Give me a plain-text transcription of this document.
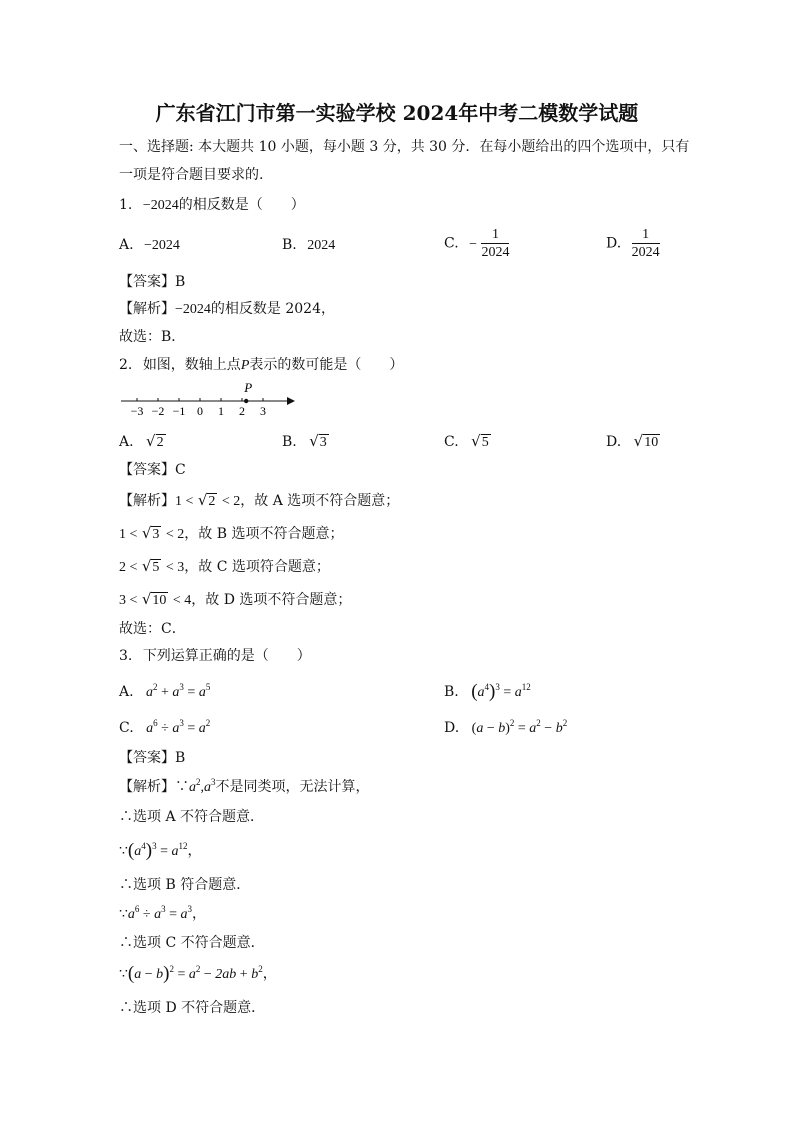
广东省江门市第一实验学校 2024年中考二模数学试题
一、选择题: 本大题共 10 小题，每小题 3 分，共 30 分．在每小题给出的四个选项中，只有
一项是符合题目要求的.
1. −2024的相反数是（　　）
A. −2024	B. 2024	C. − $\frac{1}{2024}$	D. $\frac{1}{2024}$
【答案】B
【解析】−2024的相反数是 2024，
故选：B．
2. 如图，数轴上点P表示的数可能是（　　）
−3 −2 −1 0 1 2 3
P
A. √2	B. √3	C. √5	D. √10
【答案】C
【解析】1 < √2 < 2，故 A 选项不符合题意；
1 < √3 < 2，故 B 选项不符合题意；
2 < √5 < 3，故 C 选项符合题意；
3 < √10 < 4，故 D 选项不符合题意；
故选：C．
3. 下列运算正确的是（　　）
A. $a^2 + a^3 = a^5$	B. $(a^4)^3 = a^{12}$
C. $a^6 \div a^3 = a^2$	D. $(a - b)^2 = a^2 - b^2$
【答案】B
【解析】$\because a^2,a^3$不是同类项，无法计算，
∴选项 A 不符合题意．
$\because(a^4)^3 = a^{12}$，
∴选项 B 符合题意．
$\because a^6 \div a^3 = a^3$，
∴选项 C 不符合题意．
∵(a − $b)^2 = a^2 - 2ab + b^2$，
∴选项 D 不符合题意．
